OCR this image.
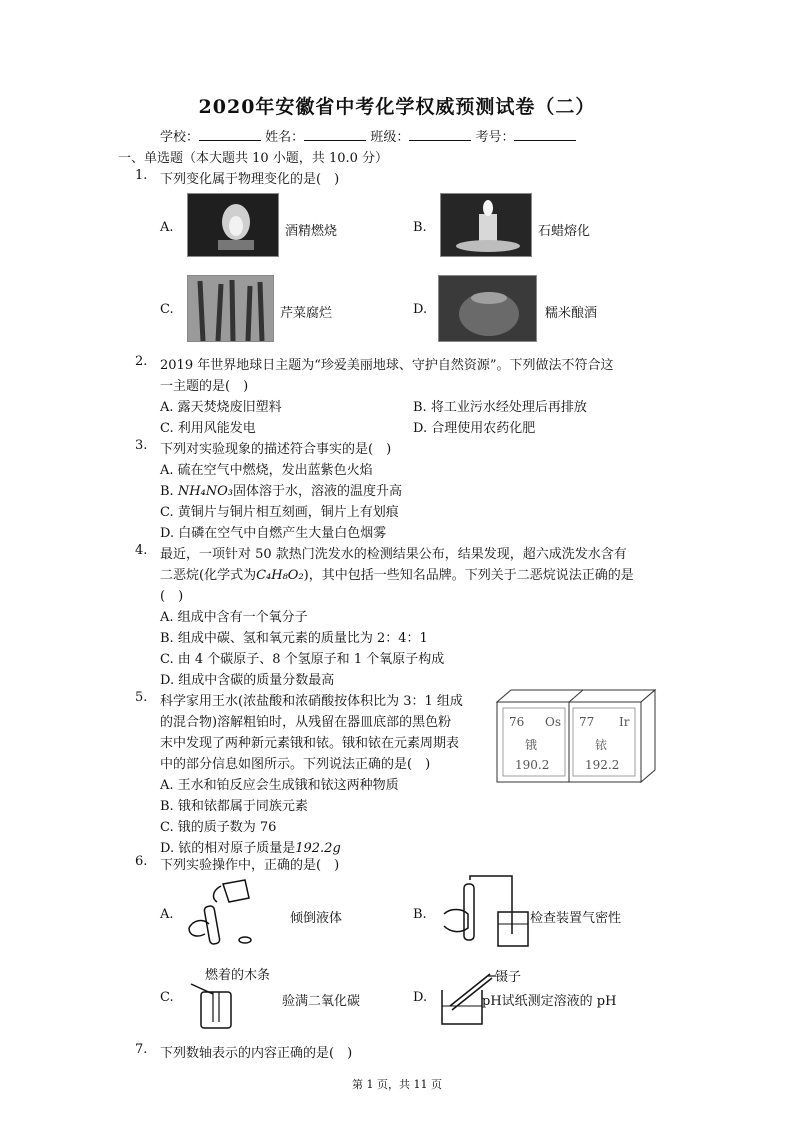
2020年安徽省中考化学权威预测试卷（二）
学校：	姓名：	班级：	考号：
一、单选题（本大题共 10 小题，共 10.0 分）
1. 下列变化属于物理变化的是(　)
A.	酒精燃烧	B.	石蜡熔化
C.	芹菜腐烂	D.	糯米酿酒
2. 2019 年世界地球日主题为“珍爱美丽地球、守护自然资源”。下列做法不符合这
一主题的是(　)
A. 露天焚烧废旧塑料	B. 将工业污水经处理后再排放
C. 利用风能发电	D. 合理使用农药化肥
3. 下列对实验现象的描述符合事实的是(　)
A. 硫在空气中燃烧，发出蓝紫色火焰
B. NH₄NO₃固体溶于水，溶液的温度升高
C. 黄铜片与铜片相互刻画，铜片上有划痕
D. 白磷在空气中自燃产生大量白色烟雾
4. 最近，一项针对 50 款热门洗发水的检测结果公布，结果发现，超六成洗发水含有
二恶烷(化学式为C₄H₈O₂)，其中包括一些知名品牌。下列关于二恶烷说法正确的是
(　)
A. 组成中含有一个氧分子
B. 组成中碳、氢和氧元素的质量比为 2：4：1
C. 由 4 个碳原子、8 个氢原子和 1 个氧原子构成
D. 组成中含碳的质量分数最高
5. 科学家用王水(浓盐酸和浓硝酸按体积比为 3：1 组成
的混合物)溶解粗铂时，从残留在器皿底部的黑色粉
末中发现了两种新元素锇和铱。锇和铱在元素周期表
中的部分信息如图所示。下列说法正确的是(　)
A. 王水和铂反应会生成锇和铱这两种物质
B. 锇和铱都属于同族元素
C. 锇的质子数为 76
D. 铱的相对原子质量是192.2g
76 Os
锇
190.2
77 Ir
铱
192.2
6. 下列实验操作中，正确的是(　)
A.	倾倒液体	B.	检查装置气密性
燃着的木条
C.	验满二氧化碳
镊子
D.	pH试纸测定溶液的 pH
7. 下列数轴表示的内容正确的是(　)
第 1 页，共 11 页
